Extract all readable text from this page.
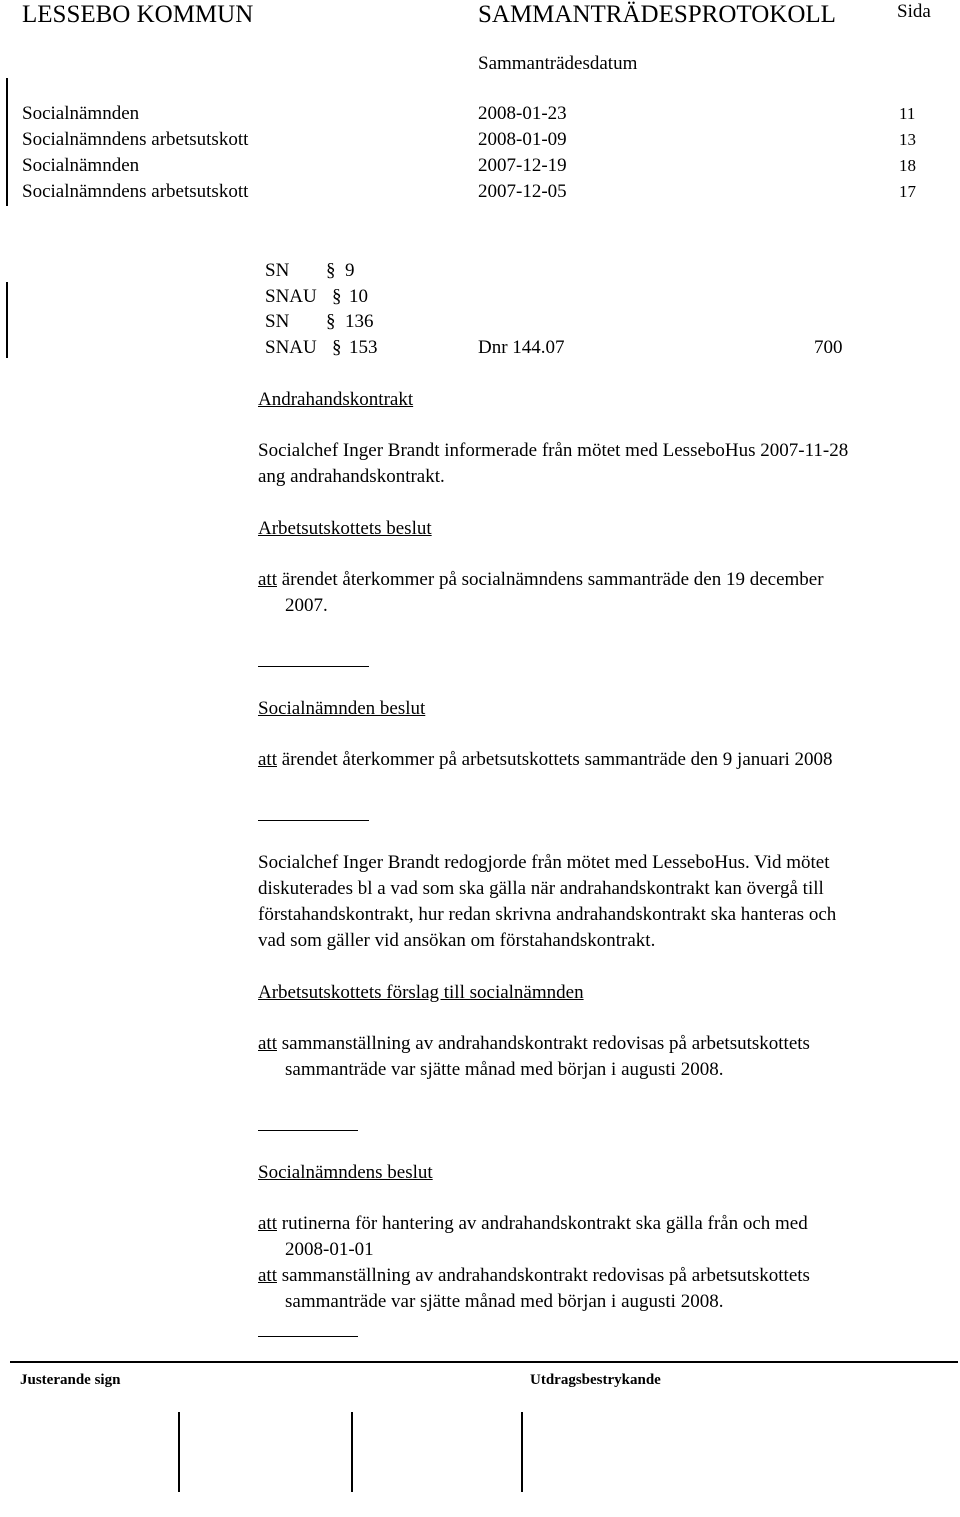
LESSEBO KOMMUN	SAMMANTRÄDESPROTOKOLL	Sida
Sammanträdesdatum
Socialnämnden	2008-01-23	11
Socialnämndens arbetsutskott	2008-01-09	13
Socialnämnden	2007-12-19	18
Socialnämndens arbetsutskott	2007-12-05	17
SN § 9
SNAU § 10
SN § 136
SNAU § 153	Dnr 144.07	700
Andrahandskontrakt
Socialchef Inger Brandt informerade från mötet med LesseboHus 2007-11-28
ang andrahandskontrakt.
Arbetsutskottets beslut
att ärendet återkommer på socialnämndens sammanträde den 19 december
2007.
Socialnämnden beslut
att ärendet återkommer på arbetsutskottets sammanträde den 9 januari 2008
Socialchef Inger Brandt redogjorde från mötet med LesseboHus. Vid mötet
diskuterades bl a vad som ska gälla när andrahandskontrakt kan övergå till
förstahandskontrakt, hur redan skrivna andrahandskontrakt ska hanteras och
vad som gäller vid ansökan om förstahandskontrakt.
Arbetsutskottets förslag till socialnämnden
att sammanställning av andrahandskontrakt redovisas på arbetsutskottets
sammanträde var sjätte månad med början i augusti 2008.
Socialnämndens beslut
att rutinerna för hantering av andrahandskontrakt ska gälla från och med
2008-01-01
att sammanställning av andrahandskontrakt redovisas på arbetsutskottets
sammanträde var sjätte månad med början i augusti 2008.
Justerande sign	Utdragsbestrykande
